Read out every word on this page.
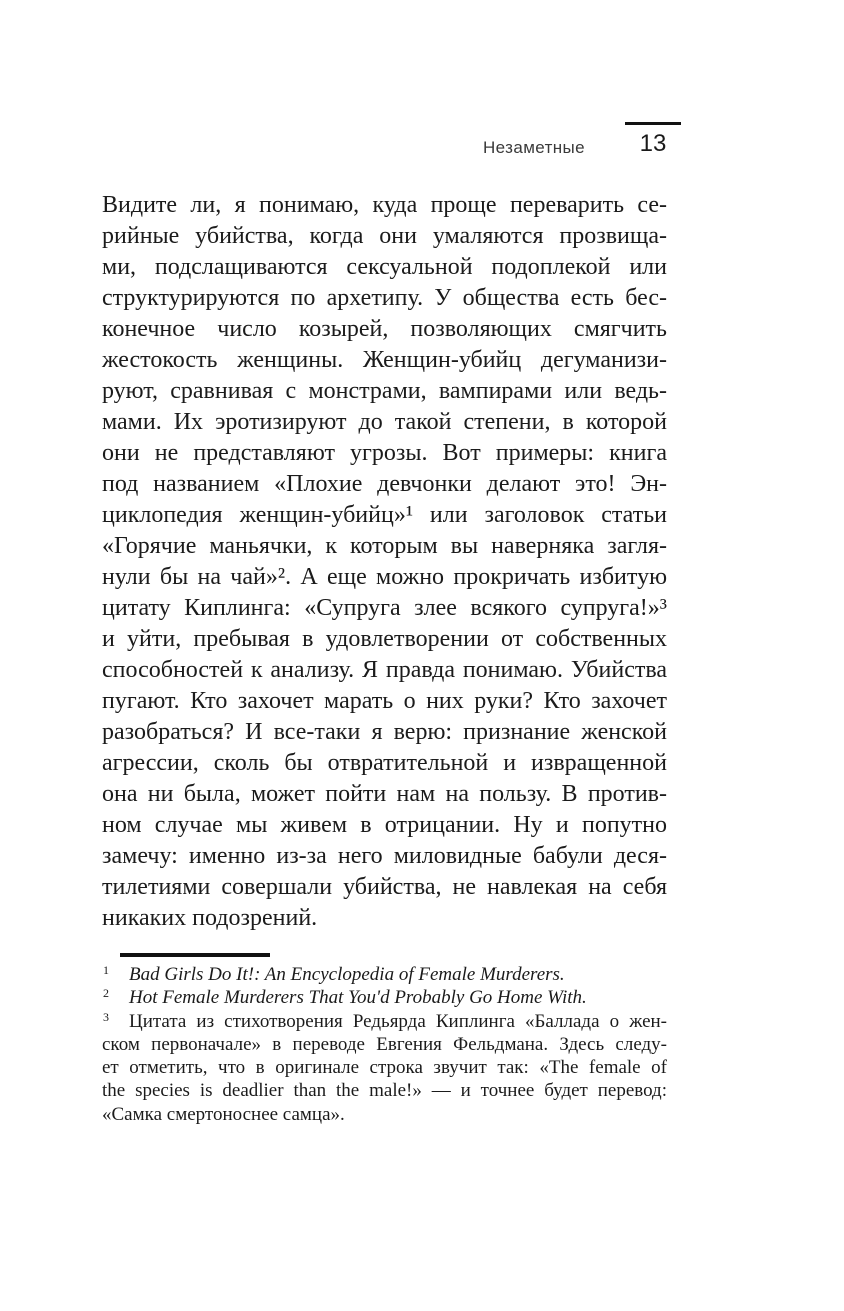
Незаметные	13
Видите ли, я понимаю, куда проще переварить се-
рийные убийства, когда они умаляются прозвища-
ми, подслащиваются сексуальной подоплекой или
структурируются по архетипу. У общества есть бес-
конечное число козырей, позволяющих смягчить
жестокость женщины. Женщин-убийц дегуманизи-
руют, сравнивая с монстрами, вампирами или ведь-
мами. Их эротизируют до такой степени, в которой
они не представляют угрозы. Вот примеры: книга
под названием «Плохие девчонки делают это! Эн-
циклопедия женщин-убийц»¹ или заголовок статьи
«Горячие маньячки, к которым вы наверняка загля-
нули бы на чай»². А еще можно прокричать избитую
цитату Киплинга: «Супруга злее всякого супруга!»³
и уйти, пребывая в удовлетворении от собственных
способностей к анализу. Я правда понимаю. Убийства
пугают. Кто захочет марать о них руки? Кто захочет
разобраться? И все-таки я верю: признание женской
агрессии, сколь бы отвратительной и извращенной
она ни была, может пойти нам на пользу. В против-
ном случае мы живем в отрицании. Ну и попутно
замечу: именно из-за него миловидные бабули деся-
тилетиями совершали убийства, не навлекая на себя
никаких подозрений.
1	Bad Girls Do It!: An Encyclopedia of Female Murderers.
2	Hot Female Murderers That You'd Probably Go Home With.
3	Цитата из стихотворения Редьярда Киплинга «Баллада о жен-
ском первоначале» в переводе Евгения Фельдмана. Здесь следу-
ет отметить, что в оригинале строка звучит так: «The female of
the species is deadlier than the male!» — и точнее будет перевод:
«Самка смертоноснее самца».
